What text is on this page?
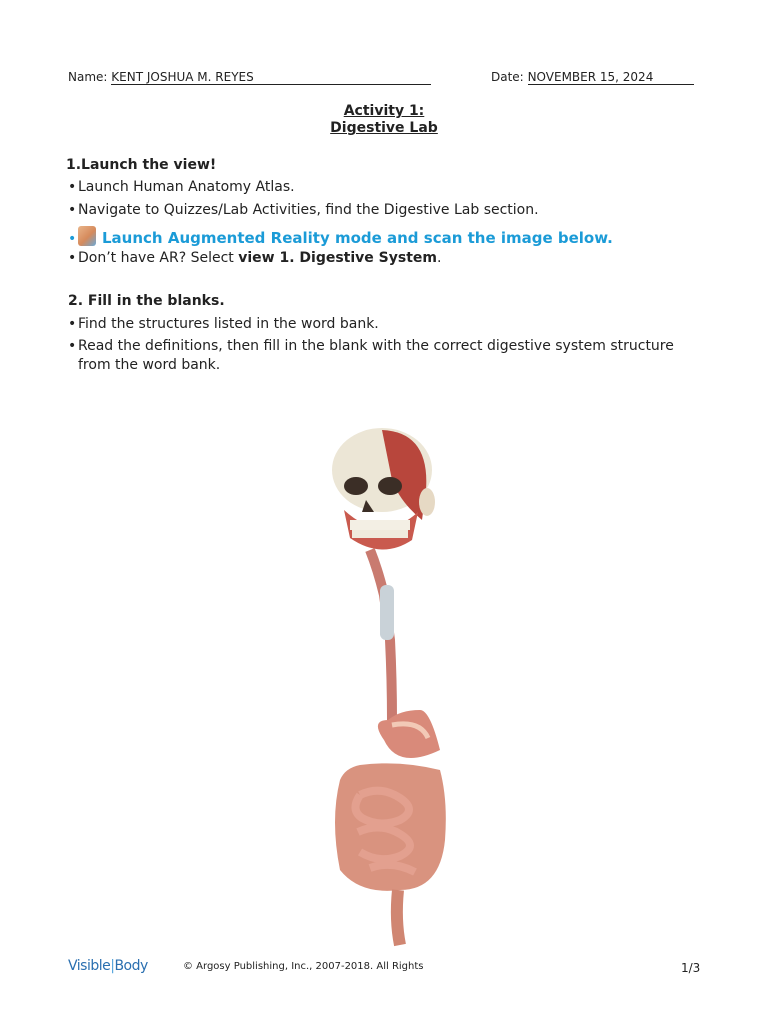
Name: KENT JOSHUA M. REYES	Date: NOVEMBER 15, 2024
Activity 1:
Digestive Lab
1.Launch the view!
• Launch Human Anatomy Atlas.
• Navigate to Quizzes/Lab Activities, find the Digestive Lab section.
• Launch Augmented Reality mode and scan the image below.
• Don’t have AR? Select view 1. Digestive System.
2. Fill in the blanks.
• Find the structures listed in the word bank.
• Read the definitions, then fill in the blank with the correct digestive system structure
from the word bank.
Visible|Body	© Argosy Publishing, Inc., 2007-2018. All Rights	1/3
